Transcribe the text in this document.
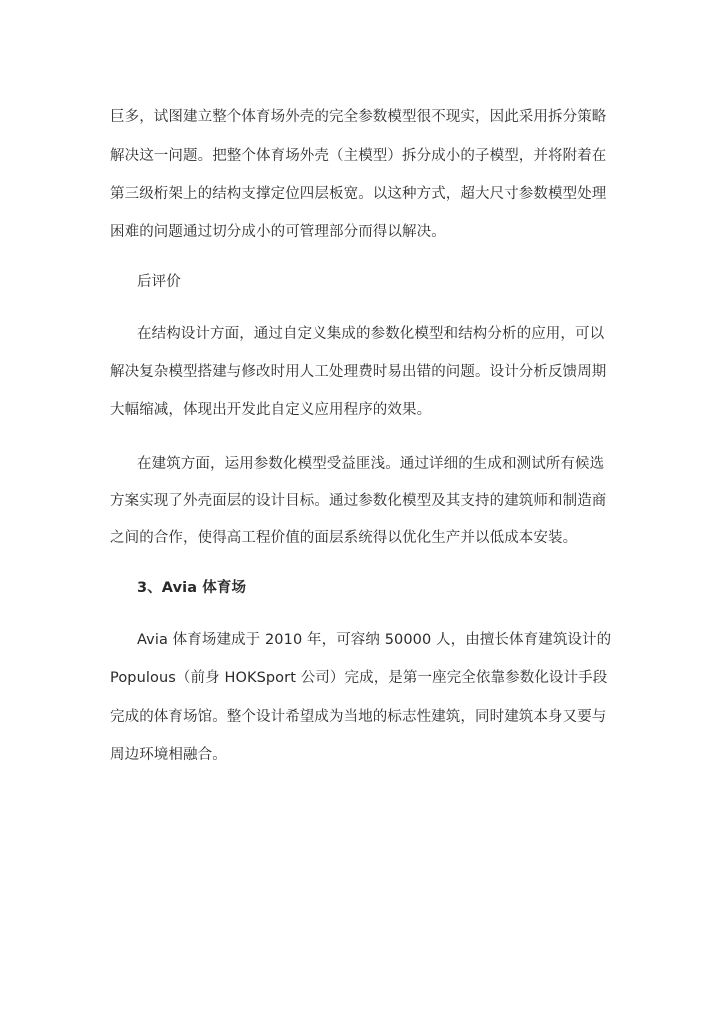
巨多，试图建立整个体育场外壳的完全参数模型很不现实，因此采用拆分策略
解决这一问题。把整个体育场外壳（主模型）拆分成小的子模型，并将附着在
第三级桁架上的结构支撑定位四层板宽。以这种方式，超大尺寸参数模型处理
困难的问题通过切分成小的可管理部分而得以解决。
后评价
在结构设计方面，通过自定义集成的参数化模型和结构分析的应用，可以
解决复杂模型搭建与修改时用人工处理费时易出错的问题。设计分析反馈周期
大幅缩减，体现出开发此自定义应用程序的效果。
在建筑方面，运用参数化模型受益匪浅。通过详细的生成和测试所有候选
方案实现了外壳面层的设计目标。通过参数化模型及其支持的建筑师和制造商
之间的合作，使得高工程价值的面层系统得以优化生产并以低成本安装。
3、Avia 体育场
Avia 体育场建成于 2010 年，可容纳 50000 人，由擅长体育建筑设计的
Populous（前身 HOKSport 公司）完成，是第一座完全依靠参数化设计手段
完成的体育场馆。整个设计希望成为当地的标志性建筑，同时建筑本身又要与
周边环境相融合。
